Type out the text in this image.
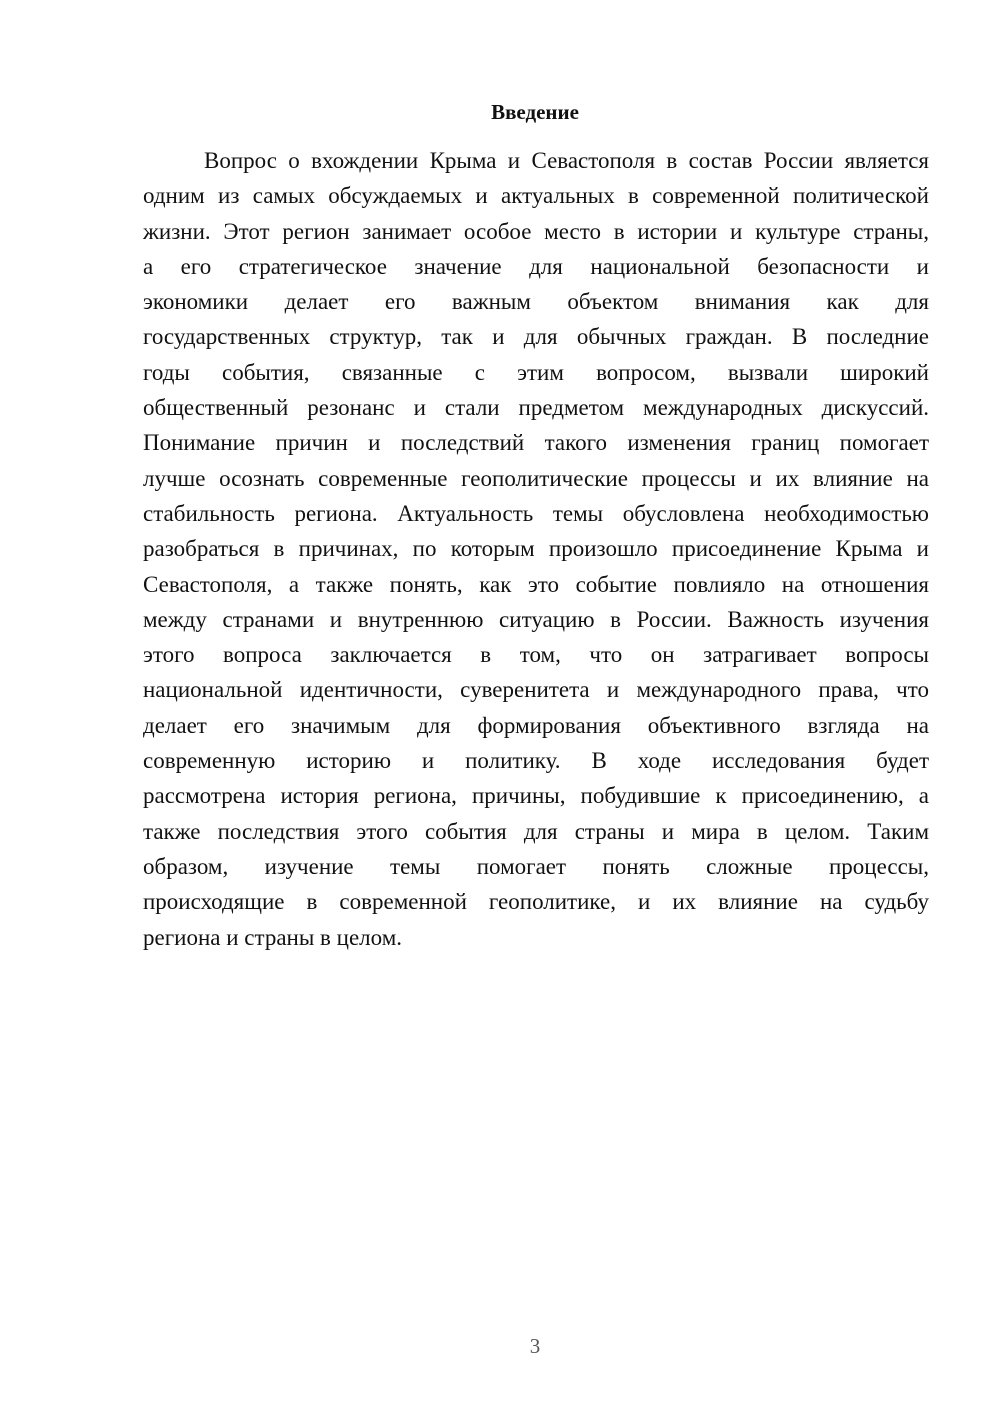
Введение
Вопрос о вхождении Крыма и Севастополя в состав России является
одним из самых обсуждаемых и актуальных в современной политической
жизни. Этот регион занимает особое место в истории и культуре страны,
а его стратегическое значение для национальной безопасности и
экономики делает его важным объектом внимания как для
государственных структур, так и для обычных граждан. В последние
годы события, связанные с этим вопросом, вызвали широкий
общественный резонанс и стали предметом международных дискуссий.
Понимание причин и последствий такого изменения границ помогает
лучше осознать современные геополитические процессы и их влияние на
стабильность региона. Актуальность темы обусловлена необходимостью
разобраться в причинах, по которым произошло присоединение Крыма и
Севастополя, а также понять, как это событие повлияло на отношения
между странами и внутреннюю ситуацию в России. Важность изучения
этого вопроса заключается в том, что он затрагивает вопросы
национальной идентичности, суверенитета и международного права, что
делает его значимым для формирования объективного взгляда на
современную историю и политику. В ходе исследования будет
рассмотрена история региона, причины, побудившие к присоединению, а
также последствия этого события для страны и мира в целом. Таким
образом, изучение темы помогает понять сложные процессы,
происходящие в современной геополитике, и их влияние на судьбу
региона и страны в целом.
3
